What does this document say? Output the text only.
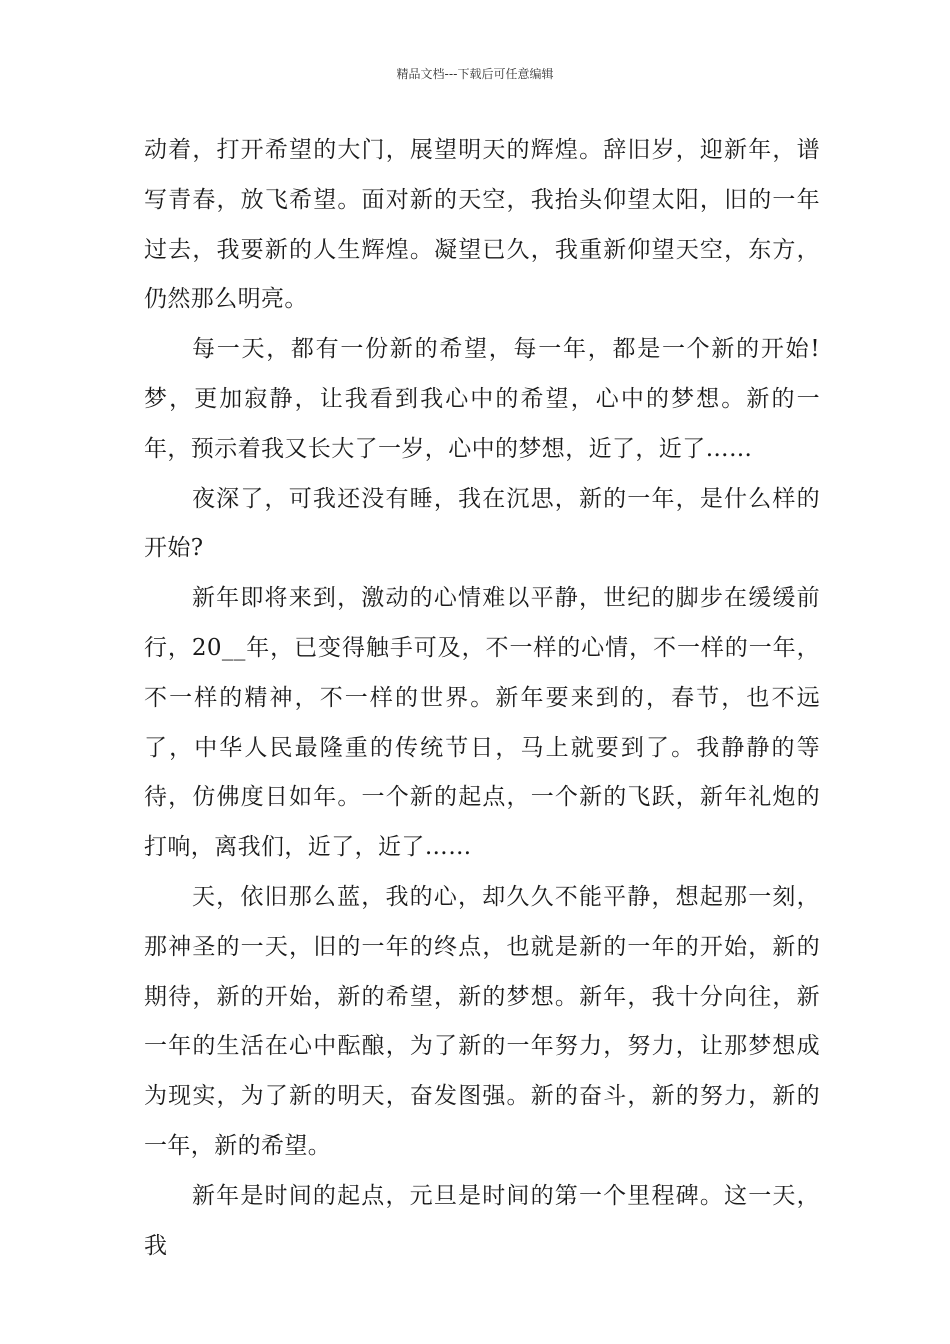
精品文档---下载后可任意编辑

动着，打开希望的大门，展望明天的辉煌。辞旧岁，迎新年，谱写青春，放飞希望。面对新的天空，我抬头仰望太阳，旧的一年过去，我要新的人生辉煌。凝望已久，我重新仰望天空，东方，仍然那么明亮。

每一天，都有一份新的希望，每一年，都是一个新的开始!梦，更加寂静，让我看到我心中的希望，心中的梦想。新的一年，预示着我又长大了一岁，心中的梦想，近了，近了……

夜深了，可我还没有睡，我在沉思，新的一年，是什么样的开始?

新年即将来到，激动的心情难以平静，世纪的脚步在缓缓前行，20__年，已变得触手可及，不一样的心情，不一样的一年，不一样的精神，不一样的世界。新年要来到的，春节，也不远了，中华人民最隆重的传统节日，马上就要到了。我静静的等待，仿佛度日如年。一个新的起点，一个新的飞跃，新年礼炮的打响，离我们，近了，近了……

天，依旧那么蓝，我的心，却久久不能平静，想起那一刻，那神圣的一天，旧的一年的终点，也就是新的一年的开始，新的期待，新的开始，新的希望，新的梦想。新年，我十分向往，新一年的生活在心中酝酿，为了新的一年努力，努力，让那梦想成为现实，为了新的明天，奋发图强。新的奋斗，新的努力，新的一年，新的希望。

新年是时间的起点，元旦是时间的第一个里程碑。这一天，我
